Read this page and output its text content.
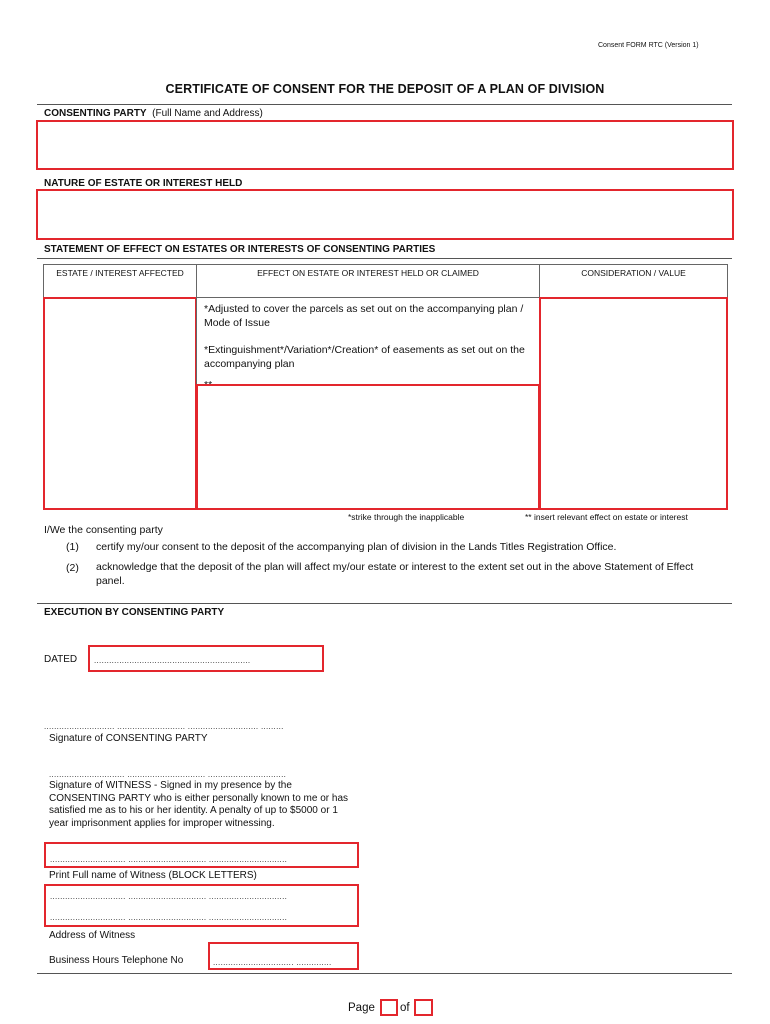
Consent FORM RTC (Version 1)
CERTIFICATE OF CONSENT FOR THE DEPOSIT OF A PLAN OF DIVISION
CONSENTING PARTY (Full Name and Address)
NATURE OF ESTATE OR INTEREST HELD
STATEMENT OF EFFECT ON ESTATES OR INTERESTS OF CONSENTING PARTIES
ESTATE / INTEREST AFFECTED	EFFECT ON ESTATE OR INTEREST HELD OR CLAIMED	CONSIDERATION / VALUE
*Adjusted to cover the parcels as set out on the accompanying plan / Mode of Issue
*Extinguishment*/Variation*/Creation* of easements as set out on the accompanying plan
*strike through the inapplicable	** insert relevant effect on estate or interest
I/We the consenting party
(1) certify my/our consent to the deposit of the accompanying plan of division in the Lands Titles Registration Office.
(2) acknowledge that the deposit of the plan will affect my/our estate or interest to the extent set out in the above Statement of Effect panel.
EXECUTION BY CONSENTING PARTY
DATED ..............................................................
............................ ........................... ............................ .........
Signature of CONSENTING PARTY
.............................. ............................... ...............................
Signature of WITNESS - Signed in my presence by the CONSENTING PARTY who is either personally known to me or has satisfied me as to his or her identity. A penalty of up to $5000 or 1 year imprisonment applies for improper witnessing.
.............................. ............................... ...............................
Print Full name of Witness (BLOCK LETTERS)
.............................. ............................... ...............................
.............................. ............................... ...............................
Address of Witness
Business Hours Telephone No	................................ ..............
Page of
